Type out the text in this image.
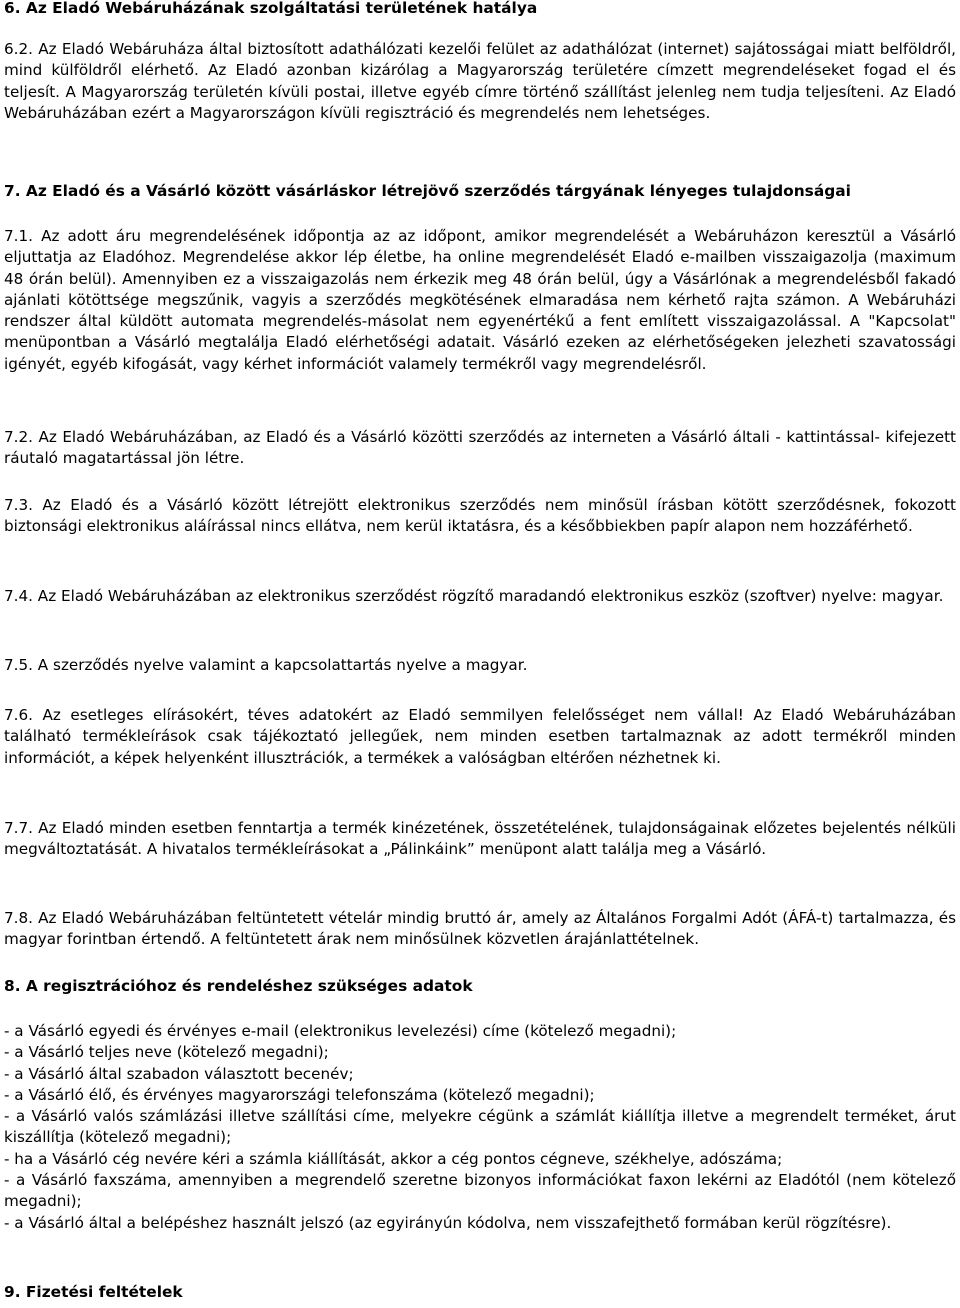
6. Az Eladó Webáruházának szolgáltatási területének hatálya

6.2. Az Eladó Webáruháza által biztosított adathálózati kezelői felület az adathálózat (internet) sajátosságai miatt belföldről, mind külföldről elérhető. Az Eladó azonban kizárólag a Magyarország területére címzett megrendeléseket fogad el és teljesít. A Magyarország területén kívüli postai, illetve egyéb címre történő szállítást jelenleg nem tudja teljesíteni. Az Eladó Webáruházában ezért a Magyarországon kívüli regisztráció és megrendelés nem lehetséges.

7. Az Eladó és a Vásárló között vásárláskor létrejövő szerződés tárgyának lényeges tulajdonságai

7.1. Az adott áru megrendelésének időpontja az az időpont, amikor megrendelését a Webáruházon keresztül a Vásárló eljuttatja az Eladóhoz. Megrendelése akkor lép életbe, ha online megrendelését Eladó e-mailben visszaigazolja (maximum 48 órán belül). Amennyiben ez a visszaigazolás nem érkezik meg 48 órán belül, úgy a Vásárlónak a megrendelésből fakadó ajánlati kötöttsége megszűnik, vagyis a szerződés megkötésének elmaradása nem kérhető rajta számon. A Webáruházi rendszer által küldött automata megrendelés-másolat nem egyenértékű a fent említett visszaigazolással. A "Kapcsolat" menüpontban a Vásárló megtalálja Eladó elérhetőségi adatait. Vásárló ezeken az elérhetőségeken jelezheti szavatossági igényét, egyéb kifogását, vagy kérhet információt valamely termékről vagy megrendelésről.

7.2. Az Eladó Webáruházában, az Eladó és a Vásárló közötti szerződés az interneten a Vásárló általi - kattintással- kifejezett ráutaló magatartással jön létre.

7.3. Az Eladó és a Vásárló között létrejött elektronikus szerződés nem minősül írásban kötött szerződésnek, fokozott biztonsági elektronikus aláírással nincs ellátva, nem kerül iktatásra, és a későbbiekben papír alapon nem hozzáférhető.

7.4. Az Eladó Webáruházában az elektronikus szerződést rögzítő maradandó elektronikus eszköz (szoftver) nyelve: magyar.

7.5. A szerződés nyelve valamint a kapcsolattartás nyelve a magyar.

7.6. Az esetleges elírásokért, téves adatokért az Eladó semmilyen felelősséget nem vállal! Az Eladó Webáruházában található termékleírások csak tájékoztató jellegűek, nem minden esetben tartalmaznak az adott termékről minden információt, a képek helyenként illusztrációk, a termékek a valóságban eltérően nézhetnek ki.

7.7. Az Eladó minden esetben fenntartja a termék kinézetének, összetételének, tulajdonságainak előzetes bejelentés nélküli megváltoztatását. A hivatalos termékleírásokat a „Pálinkáink” menüpont alatt találja meg a Vásárló.

7.8. Az Eladó Webáruházában feltüntetett vételár mindig bruttó ár, amely az Általános Forgalmi Adót (ÁFÁ-t) tartalmazza, és magyar forintban értendő. A feltüntetett árak nem minősülnek közvetlen árajánlattételnek.

8. A regisztrációhoz és rendeléshez szükséges adatok
- a Vásárló egyedi és érvényes e-mail (elektronikus levelezési) címe (kötelező megadni);
- a Vásárló teljes neve (kötelező megadni);
- a Vásárló által szabadon választott becenév;
- a Vásárló élő, és érvényes magyarországi telefonszáma (kötelező megadni);
- a Vásárló valós számlázási illetve szállítási címe, melyekre cégünk a számlát kiállítja illetve a megrendelt terméket, árut kiszállítja (kötelező megadni);
- ha a Vásárló cég nevére kéri a számla kiállítását, akkor a cég pontos cégneve, székhelye, adószáma;
- a Vásárló faxszáma, amennyiben a megrendelő szeretne bizonyos információkat faxon lekérni az Eladótól (nem kötelező megadni);
- a Vásárló által a belépéshez használt jelszó (az egyirányún kódolva, nem visszafejthető formában kerül rögzítésre).
9. Fizetési feltételek
